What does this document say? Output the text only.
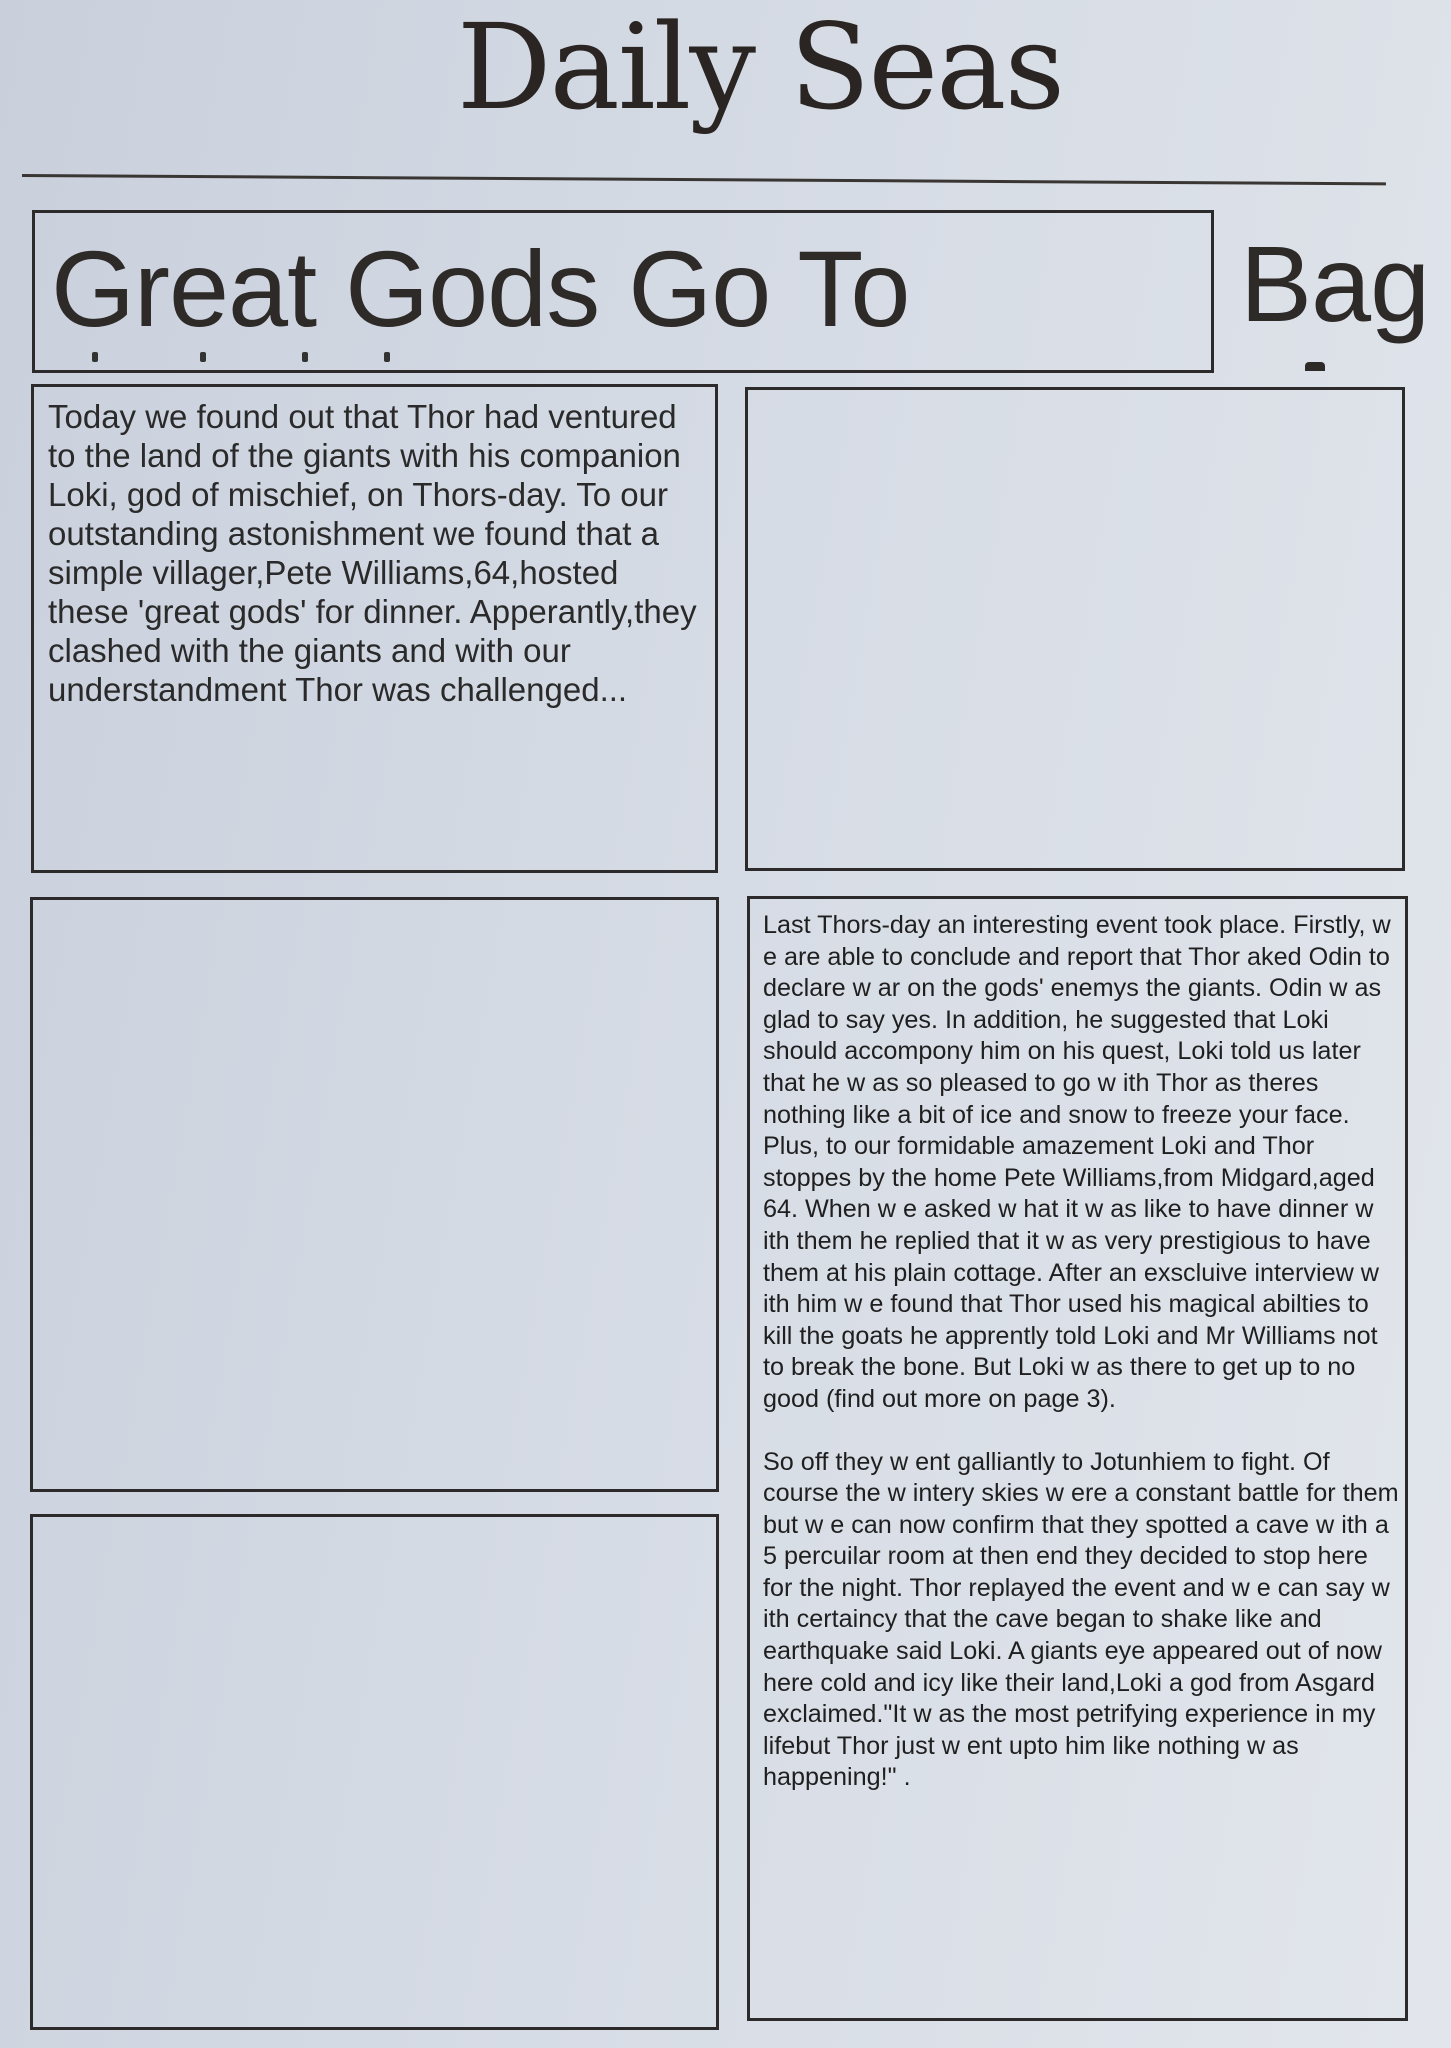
Daily Seas
Great Gods Go To	Bag

Today we found out that Thor had ventured to the land of the giants with his companion Loki, god of mischief, on Thors-day. To our outstanding astonishment we found that a simple villager,Pete Williams,64,hosted these 'great gods' for dinner. Apperantly,they clashed with the giants and with our understandment Thor was challenged...

Last Thors-day an interesting event took place. Firstly, w e are able to conclude and report that Thor aked Odin to declare w ar on the gods' enemys the giants. Odin w as glad to say yes. In addition, he suggested that Loki should accompony him on his quest, Loki told us later that he w as so pleased to go w ith Thor as theres nothing like a bit of ice and snow to freeze your face. Plus, to our formidable amazement Loki and Thor stoppes by the home Pete Williams,from Midgard,aged 64. When w e asked w hat it w as like to have dinner w ith them he replied that it w as very prestigious to have them at his plain cottage. After an exscluive interview w ith him w e found that Thor used his magical abilties to kill the goats he apprently told Loki and Mr Williams not to break the bone. But Loki w as there to get up to no good (find out more on page 3).

So off they w ent galliantly to Jotunhiem to fight. Of course the w intery skies w ere a constant battle for them but w e can now confirm that they spotted a cave w ith a 5 percuilar room at then end they decided to stop here for the night. Thor replayed the event and w e can say w ith certaincy that the cave began to shake like and earthquake said Loki. A giants eye appeared out of now here cold and icy like their land,Loki a god from Asgard exclaimed."It w as the most petrifying experience in my lifebut Thor just w ent upto him like nothing w as happening!" .
